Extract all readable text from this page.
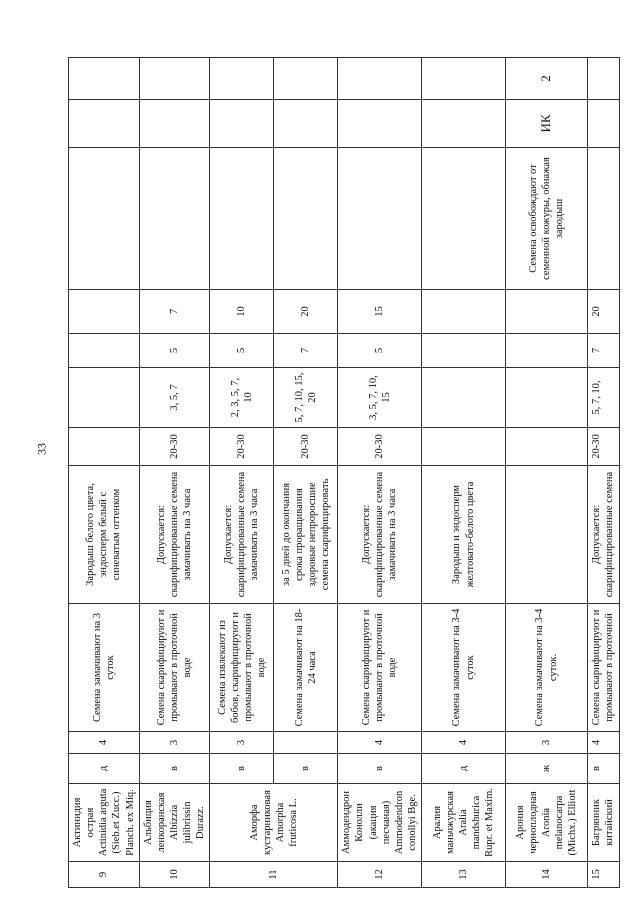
33
9	Актинидия острая Actinidia arguta (Sieb.et Zucc.) Planch. ex Miq.	д	4	Семена замачивают на 3 суток	Зародыш белого цвета, эндосперм белый с синеватым оттенком							
10	Альбиция ленкоранская Albizzia julibrissin Durazz.	в	3	Семена скарифицируют и промывают в проточной воде	Допускается: скарифицированные семена замачивать на 3 часа	20-30	3, 5, 7	5	7			
11	Аморфа кустарниковая Amorpha fruticosa L.	в	3	Семена извлекают из бобов, скарифицируют и промывают в проточной воде	Допускается: скарифицированные семена замачивать на 3 часа	20-30	2, 3, 5, 7, 10	5	10			
		в		Семена замачивают на 18-24 часа	за 5 дней до окончания срока проращивания здоровые непроросшие семена скарифицировать	20-30	5, 7, 10, 15, 20	7	20			
12	Аммодендрон Конолли (акация песчаная) Ammodendron conollyi Bge.	в	4	Семена скарифицируют и промывают в проточной воде	Допускается: скарифицированные семена замачивать на 3 часа	20-30	3, 5, 7, 10, 15	5	15			
13	Аралия маньчжурская Aralia mandshurica Rupr. et Maxim.	д	4	Семена замачивают на 3-4 суток	Зародыш и эндосперм желтовато-белого цвета							
14	Арония черноплодная Aronia melanocarpa (Michx.) Elliott	ж	3	Семена замачивают на 3-4 суток.						Семена освобождают от семенной кожуры, обнажая зародыш	ИК	2
15	Багрянник китайский	в	4	Семена скарифицируют и промывают в проточной	Допускается: скарифицированные семена	20-30	5, 7, 10,	7	20			
